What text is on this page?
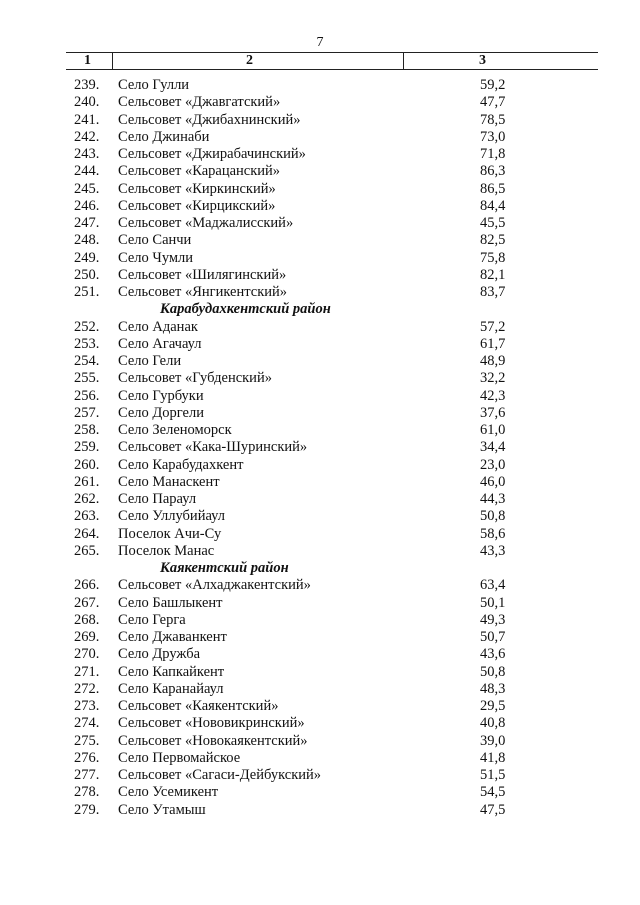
7
1	2	3
239. Село Гулли	59,2
240. Сельсовет «Джавгатский»	47,7
241. Сельсовет «Джибахнинский»	78,5
242. Село Джинаби	73,0
243. Сельсовет «Джирабачинский»	71,8
244. Сельсовет «Карацанский»	86,3
245. Сельсовет «Киркинский»	86,5
246. Сельсовет «Кирцикский»	84,4
247. Сельсовет «Маджалисский»	45,5
248. Село Санчи	82,5
249. Село Чумли	75,8
250. Сельсовет «Шилягинский»	82,1
251. Сельсовет «Янгикентский»	83,7
Карабудахкентский район
252. Село Аданак	57,2
253. Село Агачаул	61,7
254. Село Гели	48,9
255. Сельсовет «Губденский»	32,2
256. Село Гурбуки	42,3
257. Село Доргели	37,6
258. Село Зеленоморск	61,0
259. Сельсовет «Кака-Шуринский»	34,4
260. Село Карабудахкент	23,0
261. Село Манаскент	46,0
262. Село Параул	44,3
263. Село Уллубийаул	50,8
264. Поселок Ачи-Су	58,6
265. Поселок Манас	43,3
Каякентский район
266. Сельсовет «Алхаджакентский»	63,4
267. Село Башлыкент	50,1
268. Село Герга	49,3
269. Село Джаванкент	50,7
270. Село Дружба	43,6
271. Село Капкайкент	50,8
272. Село Каранайаул	48,3
273. Сельсовет «Каякентский»	29,5
274. Сельсовет «Нововикринский»	40,8
275. Сельсовет «Новокаякентский»	39,0
276. Село Первомайское	41,8
277. Сельсовет «Сагаси-Дейбукский»	51,5
278. Село Усемикент	54,5
279. Село Утамыш	47,5
